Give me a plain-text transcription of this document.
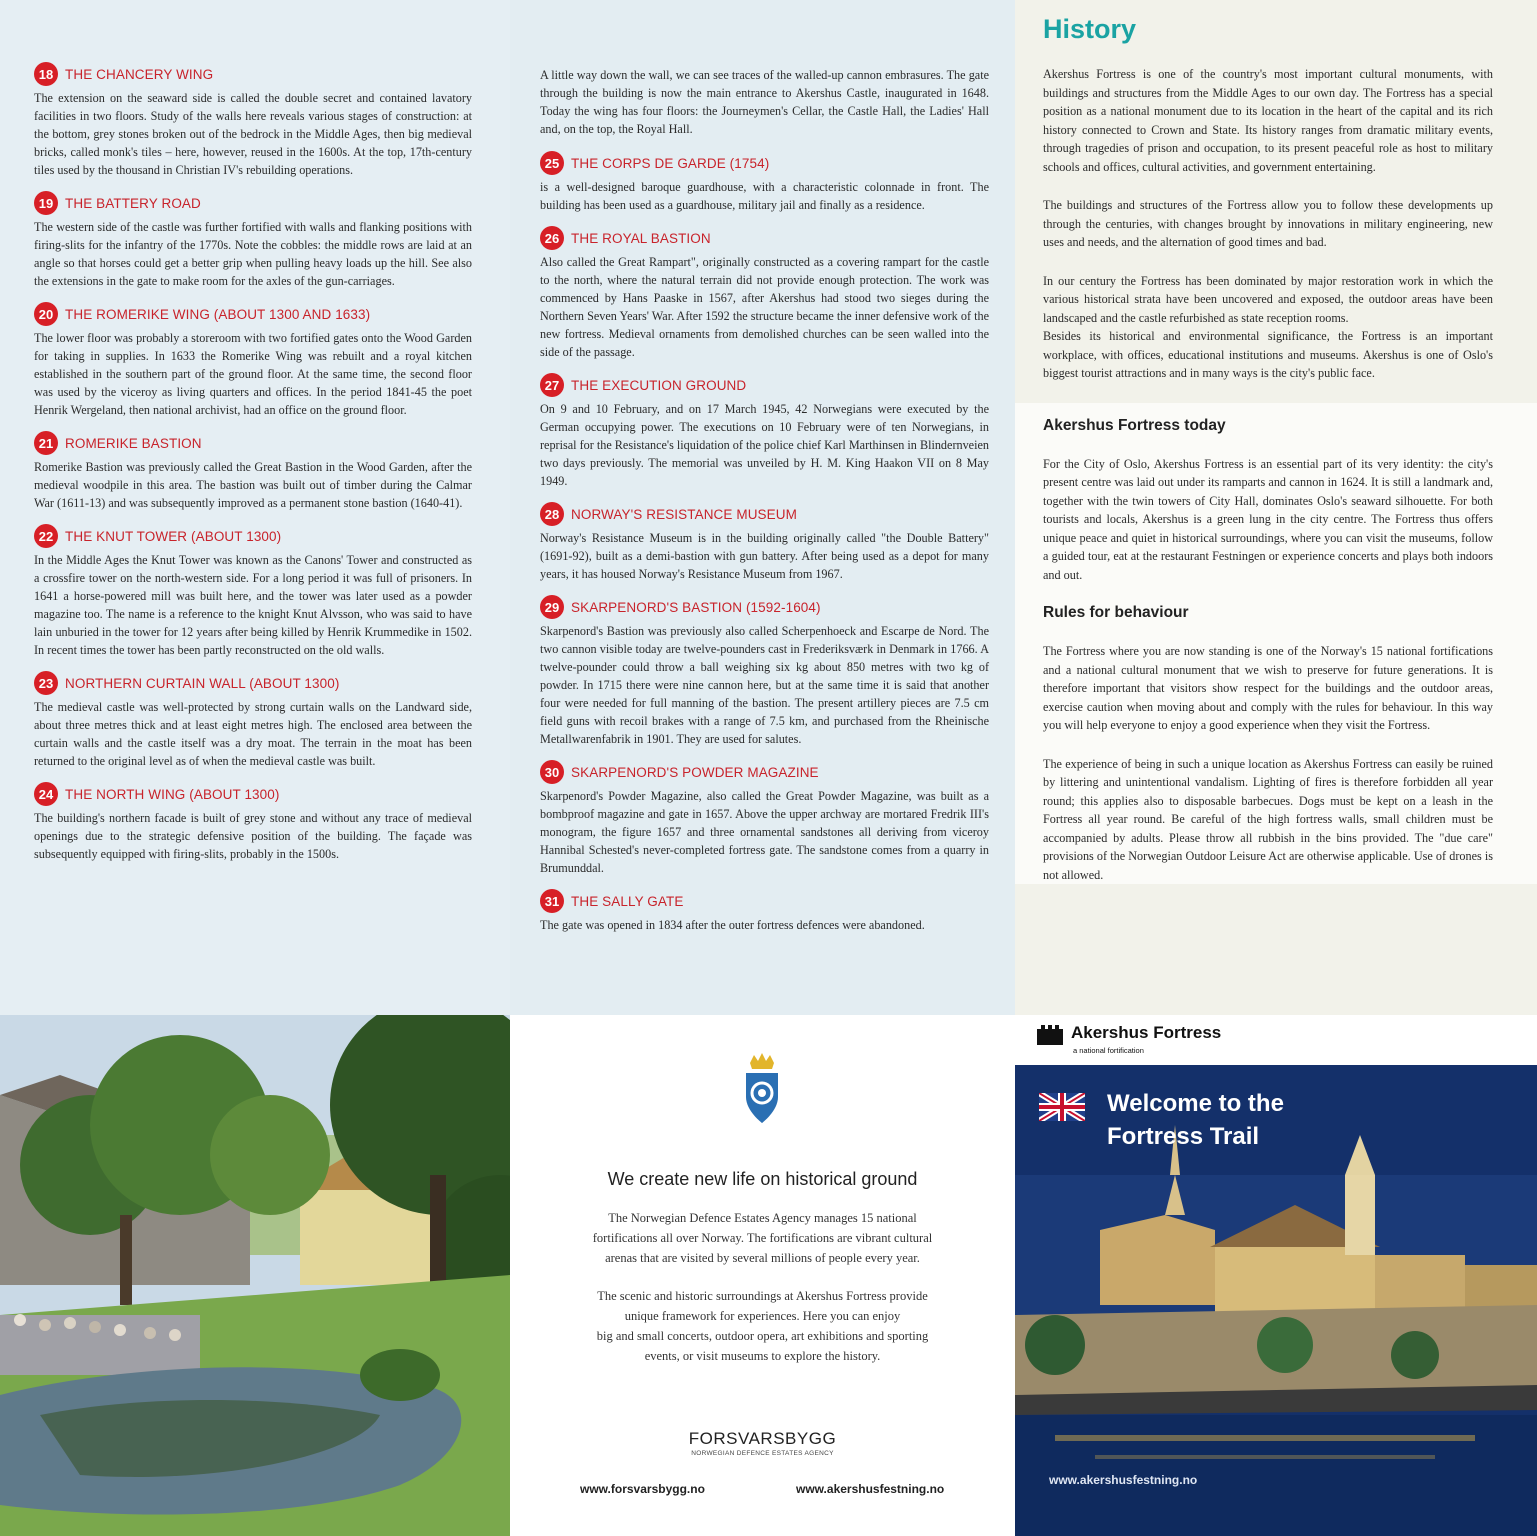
18 THE CHANCERY WING

The extension on the seaward side is called the double secret and contained lavatory facilities in two floors. Study of the walls here reveals various stages of construction: at the bottom, grey stones broken out of the bedrock in the Middle Ages, then big medieval bricks, called monk's tiles – here, however, reused in the 1600s. At the top, 17th-century tiles used by the thousand in Christian IV's rebuilding operations.

19 THE BATTERY ROAD

The western side of the castle was further fortified with walls and flanking positions with firing-slits for the infantry of the 1770s. Note the cobbles: the middle rows are laid at an angle so that horses could get a better grip when pulling heavy loads up the hill. See also the extensions in the gate to make room for the axles of the gun-carriages.

20 THE ROMERIKE WING (ABOUT 1300 AND 1633)

The lower floor was probably a storeroom with two fortified gates onto the Wood Garden for taking in supplies. In 1633 the Romerike Wing was rebuilt and a royal kitchen established in the southern part of the ground floor. At the same time, the second floor was used by the viceroy as living quarters and offices. In the period 1841-45 the poet Henrik Wergeland, then national archivist, had an office on the ground floor.

21 ROMERIKE BASTION

Romerike Bastion was previously called the Great Bastion in the Wood Garden, after the medieval woodpile in this area. The bastion was built out of timber during the Calmar War (1611-13) and was subsequently improved as a permanent stone bastion (1640-41).

22 THE KNUT TOWER (ABOUT 1300)

In the Middle Ages the Knut Tower was known as the Canons' Tower and constructed as a crossfire tower on the north-western side. For a long period it was full of prisoners. In 1641 a horse-powered mill was built here, and the tower was later used as a powder magazine too. The name is a reference to the knight Knut Alvsson, who was said to have lain unburied in the tower for 12 years after being killed by Henrik Krummedike in 1502. In recent times the tower has been partly reconstructed on the old walls.

23 NORTHERN CURTAIN WALL (ABOUT 1300)

The medieval castle was well-protected by strong curtain walls on the Landward side, about three metres thick and at least eight metres high. The enclosed area between the curtain walls and the castle itself was a dry moat. The terrain in the moat has been returned to the original level as of when the medieval castle was built.

24 THE NORTH WING (ABOUT 1300)

The building's northern facade is built of grey stone and without any trace of medieval openings due to the strategic defensive position of the building. The façade was subsequently equipped with firing-slits, probably in the 1500s.

A little way down the wall, we can see traces of the walled-up cannon embrasures. The gate through the building is now the main entrance to Akershus Castle, inaugurated in 1648. Today the wing has four floors: the Journeymen's Cellar, the Castle Hall, the Ladies' Hall and, on the top, the Royal Hall.

25 THE CORPS DE GARDE (1754)

is a well-designed baroque guardhouse, with a characteristic colonnade in front. The building has been used as a guardhouse, military jail and finally as a residence.

26 THE ROYAL BASTION

Also called the Great Rampart", originally constructed as a covering rampart for the castle to the north, where the natural terrain did not provide enough protection. The work was commenced by Hans Paaske in 1567, after Akershus had stood two sieges during the Northern Seven Years' War. After 1592 the structure became the inner defensive work of the new fortress. Medieval ornaments from demolished churches can be seen walled into the side of the passage.

27 THE EXECUTION GROUND

On 9 and 10 February, and on 17 March 1945, 42 Norwegians were executed by the German occupying power. The executions on 10 February were of ten Norwegians, in reprisal for the Resistance's liquidation of the police chief Karl Marthinsen in Blindernveien two days previously. The memorial was unveiled by H. M. King Haakon VII on 8 May 1949.

28 NORWAY'S RESISTANCE MUSEUM

Norway's Resistance Museum is in the building originally called "the Double Battery" (1691-92), built as a demi-bastion with gun battery. After being used as a depot for many years, it has housed Norway's Resistance Museum from 1967.

29 SKARPENORD'S BASTION (1592-1604)

Skarpenord's Bastion was previously also called Scherpenhoeck and Escarpe de Nord. The two cannon visible today are twelve-pounders cast in Frederiksværk in Denmark in 1766. A twelve-pounder could throw a ball weighing six kg about 850 metres with two kg of powder. In 1715 there were nine cannon here, but at the same time it is said that another four were needed for full manning of the bastion. The present artillery pieces are 7.5 cm field guns with recoil brakes with a range of 7.5 km, and purchased from the Rheinische Metallwarenfabrik in 1901. They are used for salutes.

30 SKARPENORD'S POWDER MAGAZINE

Skarpenord's Powder Magazine, also called the Great Powder Magazine, was built as a bombproof magazine and gate in 1657. Above the upper archway are mortared Fredrik III's monogram, the figure 1657 and three ornamental sandstones all deriving from viceroy Hannibal Schested's never-completed fortress gate. The sandstone comes from a quarry in Brumunddal.

31 THE SALLY GATE

The gate was opened in 1834 after the outer fortress defences were abandoned.

History

Akershus Fortress is one of the country's most important cultural monuments, with buildings and structures from the Middle Ages to our own day. The Fortress has a special position as a national monument due to its location in the heart of the capital and its rich history connected to Crown and State. Its history ranges from dramatic military events, through tragedies of prison and occupation, to its present peaceful role as host to military schools and offices, cultural activities, and government entertaining.

The buildings and structures of the Fortress allow you to follow these developments up through the centuries, with changes brought by innovations in military engineering, new uses and needs, and the alternation of good times and bad.

In our century the Fortress has been dominated by major restoration work in which the various historical strata have been uncovered and exposed, the outdoor areas have been landscaped and the castle refurbished as state reception rooms.

Besides its historical and environmental significance, the Fortress is an important workplace, with offices, educational institutions and museums. Akershus is one of Oslo's biggest tourist attractions and in many ways is the city's public face.

Akershus Fortress today

For the City of Oslo, Akershus Fortress is an essential part of its very identity: the city's present centre was laid out under its ramparts and cannon in 1624. It is still a landmark and, together with the twin towers of City Hall, dominates Oslo's seaward silhouette. For both tourists and locals, Akershus is a green lung in the city centre. The Fortress thus offers unique peace and quiet in historical surroundings, where you can visit the museums, follow a guided tour, eat at the restaurant Festningen or experience concerts and plays both indoors and out.

Rules for behaviour

The Fortress where you are now standing is one of the Norway's 15 national fortifications and a national cultural monument that we wish to preserve for future generations. It is therefore important that visitors show respect for the buildings and the outdoor areas, exercise caution when moving about and comply with the rules for behaviour. In this way you will help everyone to enjoy a good experience when they visit the Fortress.

The experience of being in such a unique location as Akershus Fortress can easily be ruined by littering and unintentional vandalism. Lighting of fires is therefore forbidden all year round; this applies also to disposable barbecues. Dogs must be kept on a leash in the Fortress all year round. Be careful of the high fortress walls, small children must be accompanied by adults. Please throw all rubbish in the bins provided. The "due care" provisions of the Norwegian Outdoor Leisure Act are otherwise applicable. Use of drones is not allowed.

We create new life on historical ground
The Norwegian Defence Estates Agency manages 15 national
fortifications all over Norway. The fortifications are vibrant cultural
arenas that are visited by several millions of people every year.
The scenic and historic surroundings at Akershus Fortress provide
unique framework for experiences. Here you can enjoy
big and small concerts, outdoor opera, art exhibitions and sporting
events, or visit museums to explore the history.
FORSVARSBYGG
NORWEGIAN DEFENCE ESTATES AGENCY
www.forsvarsbygg.no	www.akershusfestning.no
Akershus Fortress
a national fortification
Welcome to the
Fortress Trail
www.akershusfestning.no
